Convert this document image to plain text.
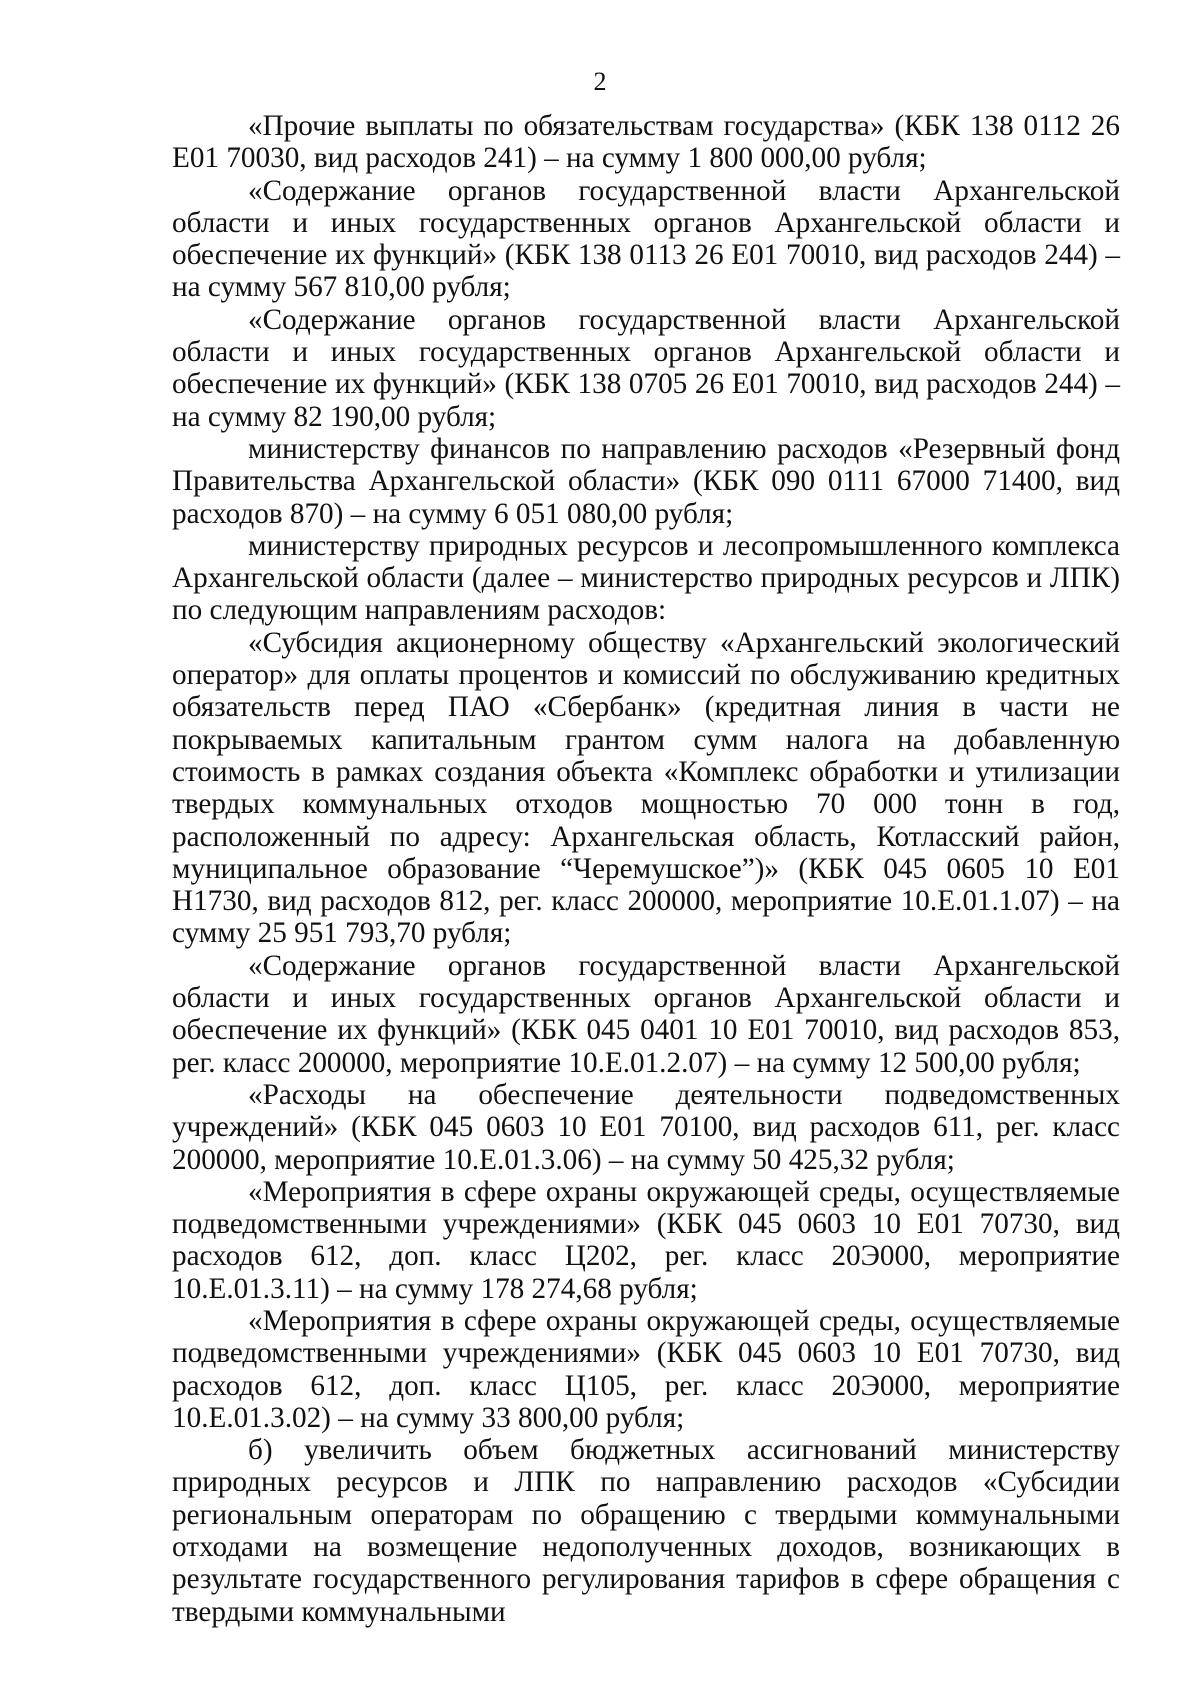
2

«Прочие выплаты по обязательствам государства» (КБК 138 0112 26 Е01 70030, вид расходов 241) – на сумму 1 800 000,00 рубля;

«Содержание органов государственной власти Архангельской области и иных государственных органов Архангельской области и обеспечение их функций» (КБК 138 0113 26 Е01 70010, вид расходов 244) – на сумму 567 810,00 рубля;

«Содержание органов государственной власти Архангельской области и иных государственных органов Архангельской области и обеспечение их функций» (КБК 138 0705 26 Е01 70010, вид расходов 244) – на сумму 82 190,00 рубля;

министерству финансов по направлению расходов «Резервный фонд Правительства Архангельской области» (КБК 090 0111 67000 71400, вид расходов 870) – на сумму 6 051 080,00 рубля;

министерству природных ресурсов и лесопромышленного комплекса Архангельской области (далее – министерство природных ресурсов и ЛПК) по следующим направлениям расходов:

«Субсидия акционерному обществу «Архангельский экологический оператор» для оплаты процентов и комиссий по обслуживанию кредитных обязательств перед ПАО «Сбербанк» (кредитная линия в части не покрываемых капитальным грантом сумм налога на добавленную стоимость в рамках создания объекта «Комплекс обработки и утилизации твердых коммунальных отходов мощностью 70 000 тонн в год, расположенный по адресу: Архангельская область, Котласский район, муниципальное образование “Черемушское”)» (КБК 045 0605 10 Е01 Н1730, вид расходов 812, рег. класс 200000, мероприятие 10.Е.01.1.07) – на сумму 25 951 793,70 рубля;

«Содержание органов государственной власти Архангельской области и иных государственных органов Архангельской области и обеспечение их функций» (КБК 045 0401 10 Е01 70010, вид расходов 853, рег. класс 200000, мероприятие 10.Е.01.2.07) – на сумму 12 500,00 рубля;

«Расходы на обеспечение деятельности подведомственных учреждений» (КБК 045 0603 10 Е01 70100, вид расходов 611, рег. класс 200000, мероприятие 10.Е.01.3.06) – на сумму 50 425,32 рубля;

«Мероприятия в сфере охраны окружающей среды, осуществляемые подведомственными учреждениями» (КБК 045 0603 10 Е01 70730, вид расходов 612, доп. класс Ц202, рег. класс 20Э000, мероприятие 10.Е.01.3.11) – на сумму 178 274,68 рубля;

«Мероприятия в сфере охраны окружающей среды, осуществляемые подведомственными учреждениями» (КБК 045 0603 10 Е01 70730, вид расходов 612, доп. класс Ц105, рег. класс 20Э000, мероприятие 10.Е.01.3.02) – на сумму 33 800,00 рубля;

б) увеличить объем бюджетных ассигнований министерству природных ресурсов и ЛПК по направлению расходов «Субсидии региональным операторам по обращению с твердыми коммунальными отходами на возмещение недополученных доходов, возникающих в результате государственного регулирования тарифов в сфере обращения с твердыми коммунальными
